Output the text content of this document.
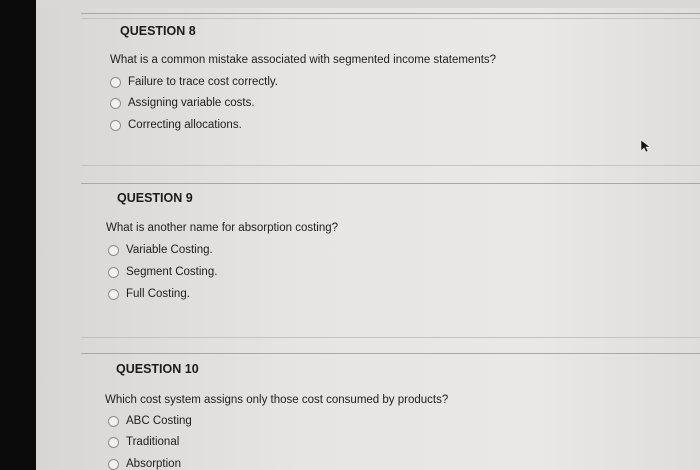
QUESTION 8
What is a common mistake associated with segmented income statements?
Failure to trace cost correctly.
Assigning variable costs.
Correcting allocations.
QUESTION 9
What is another name for absorption costing?
Variable Costing.
Segment Costing.
Full Costing.
QUESTION 10
Which cost system assigns only those cost consumed by products?
ABC Costing
Traditional
Absorption
